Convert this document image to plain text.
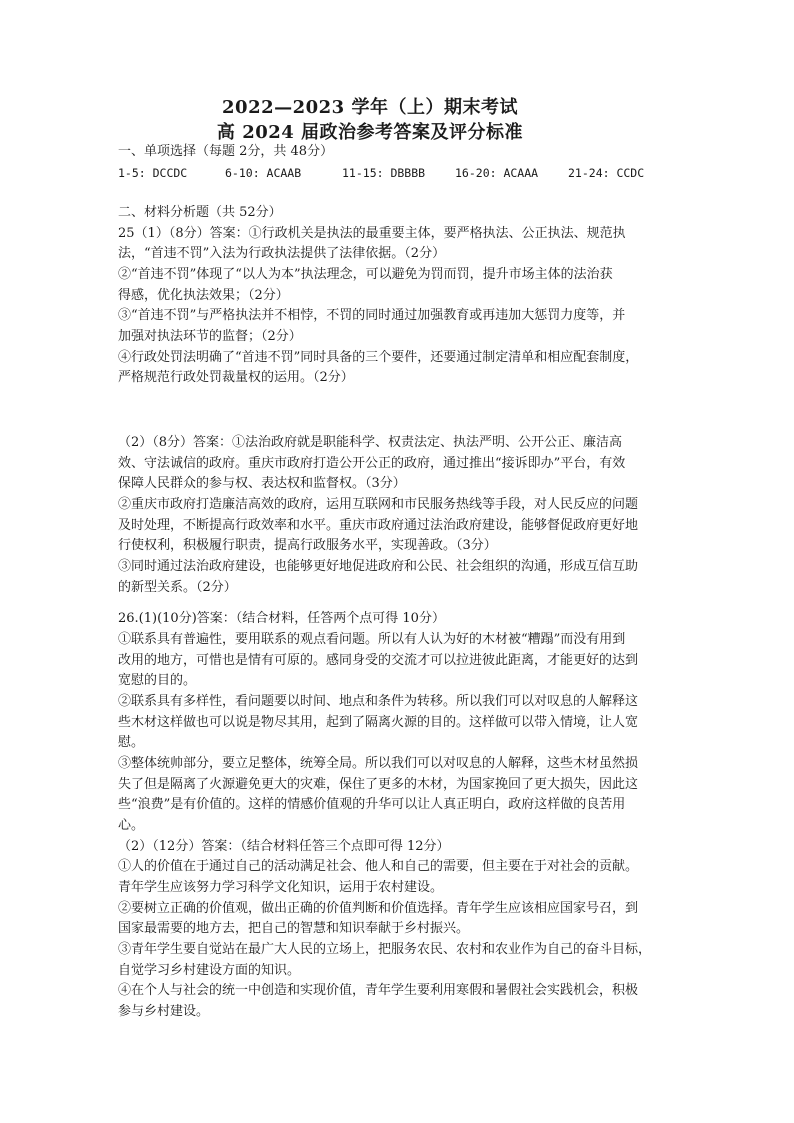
2022—2023 学年（上）期末考试
高 2024 届政治参考答案及评分标准
一、单项选择（每题 2分，共 48分）
1-5: DCCDC	6-10: ACAAB	11-15: DBBBB	16-20: ACAAA	21-24: CCDC
二、材料分析题（共 52分）
25（1）（8分）答案：①行政机关是执法的最重要主体，要严格执法、公正执法、规范执
法，“首违不罚”入法为行政执法提供了法律依据。（2分）
②“首违不罚”体现了“以人为本”执法理念，可以避免为罚而罚，提升市场主体的法治获
得感，优化执法效果；（2分）
③“首违不罚”与严格执法并不相悖，不罚的同时通过加强教育或再违加大惩罚力度等，并
加强对执法环节的监督；（2分）
④行政处罚法明确了“首违不罚”同时具备的三个要件，还要通过制定清单和相应配套制度，
严格规范行政处罚裁量权的运用。（2分）
（2）（8分）答案：①法治政府就是职能科学、权责法定、执法严明、公开公正、廉洁高
效、守法诚信的政府。重庆市政府打造公开公正的政府，通过推出“接诉即办”平台，有效
保障人民群众的参与权、表达权和监督权。（3分）
②重庆市政府打造廉洁高效的政府，运用互联网和市民服务热线等手段，对人民反应的问题
及时处理，不断提高行政效率和水平。重庆市政府通过法治政府建设，能够督促政府更好地
行使权利，积极履行职责，提高行政服务水平，实现善政。（3分）
③同时通过法治政府建设，也能够更好地促进政府和公民、社会组织的沟通，形成互信互助
的新型关系。（2分）
26.(1)(10分)答案：（结合材料，任答两个点可得 10分）
①联系具有普遍性，要用联系的观点看问题。所以有人认为好的木材被“糟蹋”而没有用到
改用的地方，可惜也是情有可原的。感同身受的交流才可以拉进彼此距离，才能更好的达到
宽慰的目的。
②联系具有多样性，看问题要以时间、地点和条件为转移。所以我们可以对叹息的人解释这
些木材这样做也可以说是物尽其用，起到了隔离火源的目的。这样做可以带入情境，让人宽
慰。
③整体统帅部分，要立足整体，统筹全局。所以我们可以对叹息的人解释，这些木材虽然损
失了但是隔离了火源避免更大的灾难，保住了更多的木材，为国家挽回了更大损失，因此这
些“浪费”是有价值的。这样的情感价值观的升华可以让人真正明白，政府这样做的良苦用
心。
（2）（12分）答案：（结合材料任答三个点即可得 12分）
①人的价值在于通过自己的活动满足社会、他人和自己的需要，但主要在于对社会的贡献。
青年学生应该努力学习科学文化知识，运用于农村建设。
②要树立正确的价值观，做出正确的价值判断和价值选择。青年学生应该相应国家号召，到
国家最需要的地方去，把自己的智慧和知识奉献于乡村振兴。
③青年学生要自觉站在最广大人民的立场上，把服务农民、农村和农业作为自己的奋斗目标，
自觉学习乡村建设方面的知识。
④在个人与社会的统一中创造和实现价值，青年学生要利用寒假和暑假社会实践机会，积极
参与乡村建设。
